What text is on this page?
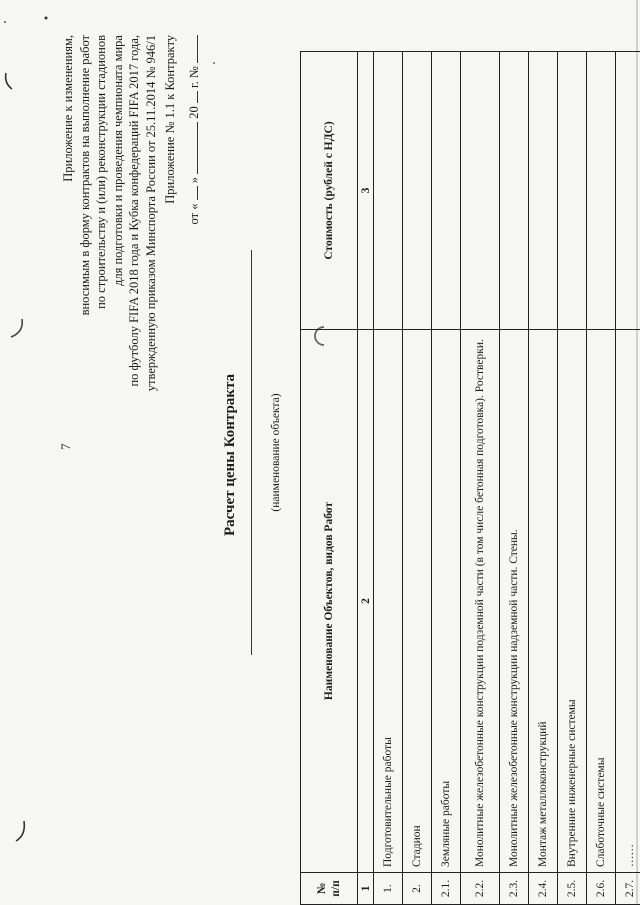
7
Приложение к изменениям, вносимым в форму контрактов на выполнение работ по строительству и (или) реконструкции стадионов для подготовки и проведения чемпионата мира по футболу FIFA 2018 года и Кубка конфедераций FIFA 2017 года, утвержденную приказом Минспорта России от 25.11.2014 № 946/1 Приложение № 1.1 к Контракту
от «  »  20  г. №
Расчет цены Контракта	(наименование объекта)
№ п/п	Наименование Объектов, видов Работ	Стоимость (рублей с НДС)
1	2	3
1.	Подготовительные работы	
2.	Стадион	
2.1.	Земляные работы	
2.2.	Монолитные железобетонные конструкции подземной части (в том числе бетонная подготовка). Ростверки.	
2.3.	Монолитные железобетонные конструкции надземной части. Стены.	
2.4.	Монтаж металлоконструкций	
2.5.	Внутренние инженерные системы	
2.6.	Слаботочные системы	
2.7.	……	
